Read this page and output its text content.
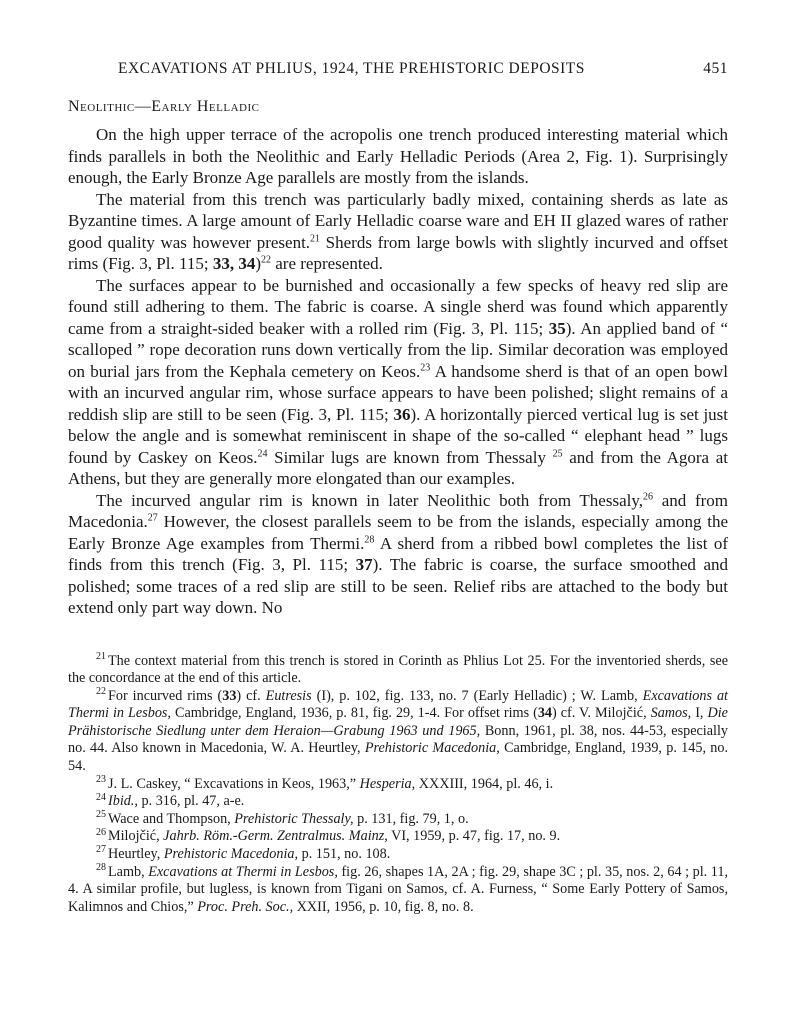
EXCAVATIONS AT PHLIUS, 1924, THE PREHISTORIC DEPOSITS	451
Neolithic—Early Helladic

On the high upper terrace of the acropolis one trench produced interesting material which finds parallels in both the Neolithic and Early Helladic Periods (Area 2, Fig. 1). Surprisingly enough, the Early Bronze Age parallels are mostly from the islands.

The material from this trench was particularly badly mixed, containing sherds as late as Byzantine times. A large amount of Early Helladic coarse ware and EH II glazed wares of rather good quality was however present.$^{21}$ Sherds from large bowls with slightly incurved and offset rims (Fig. 3, Pl. 115; 33, 34)$^{22}$ are represented.

The surfaces appear to be burnished and occasionally a few specks of heavy red slip are found still adhering to them. The fabric is coarse. A single sherd was found which apparently came from a straight-sided beaker with a rolled rim (Fig. 3, Pl. 115; 35). An applied band of “ scalloped ” rope decoration runs down vertically from the lip. Similar decoration was employed on burial jars from the Kephala cemetery on Keos.$^{23}$ A handsome sherd is that of an open bowl with an incurved angular rim, whose surface appears to have been polished; slight remains of a reddish slip are still to be seen (Fig. 3, Pl. 115; 36). A horizontally pierced vertical lug is set just below the angle and is somewhat reminiscent in shape of the so-called “ elephant head ” lugs found by Caskey on Keos.$^{24}$ Similar lugs are known from Thessaly $^{25}$ and from the Agora at Athens, but they are generally more elongated than our examples.

The incurved angular rim is known in later Neolithic both from Thessaly,$^{26}$ and from Macedonia.$^{27}$ However, the closest parallels seem to be from the islands, especially among the Early Bronze Age examples from Thermi.$^{28}$ A sherd from a ribbed bowl completes the list of finds from this trench (Fig. 3, Pl. 115; 37). The fabric is coarse, the surface smoothed and polished; some traces of a red slip are still to be seen. Relief ribs are attached to the body but extend only part way down. No

$^{21}$ The context material from this trench is stored in Corinth as Phlius Lot 25. For the inventoried sherds, see the concordance at the end of this article.

$^{22}$ For incurved rims (33) cf. Eutresis (I), p. 102, fig. 133, no. 7 (Early Helladic) ; W. Lamb, Excavations at Thermi in Lesbos, Cambridge, England, 1936, p. 81, fig. 29, 1-4. For offset rims (34) cf. V. Milojčić, Samos, I, Die Prähistorische Siedlung unter dem Heraion—Grabung 1963 und 1965, Bonn, 1961, pl. 38, nos. 44-53, especially no. 44. Also known in Macedonia, W. A. Heurtley, Prehistoric Macedonia, Cambridge, England, 1939, p. 145, no. 54.

$^{23}$ J. L. Caskey, “ Excavations in Keos, 1963,” Hesperia, XXXIII, 1964, pl. 46, i.

$^{24}$ Ibid., p. 316, pl. 47, a-e.

$^{25}$ Wace and Thompson, Prehistoric Thessaly, p. 131, fig. 79, 1, o.

$^{26}$ Milojčić, Jahrb. Röm.-Germ. Zentralmus. Mainz, VI, 1959, p. 47, fig. 17, no. 9.

$^{27}$ Heurtley, Prehistoric Macedonia, p. 151, no. 108.

$^{28}$ Lamb, Excavations at Thermi in Lesbos, fig. 26, shapes 1A, 2A ; fig. 29, shape 3C ; pl. 35, nos. 2, 64 ; pl. 11, 4. A similar profile, but lugless, is known from Tigani on Samos, cf. A. Furness, “ Some Early Pottery of Samos, Kalimnos and Chios,” Proc. Preh. Soc., XXII, 1956, p. 10, fig. 8, no. 8.
